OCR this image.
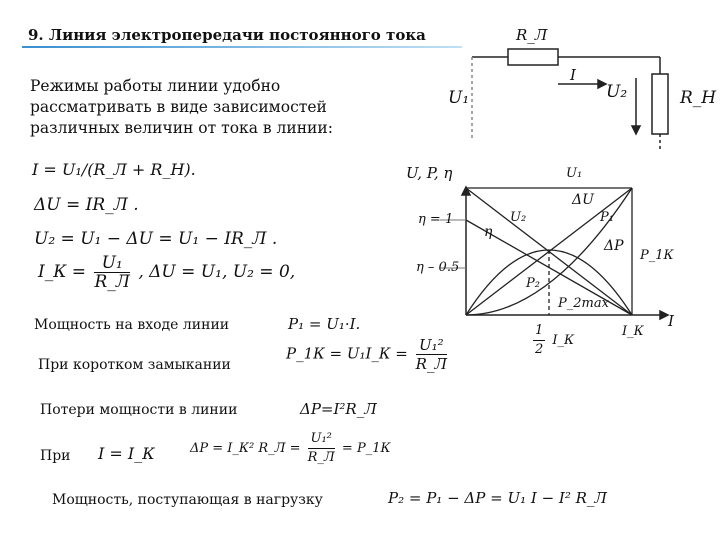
9. Линия электропередачи постоянного тока
Режимы работы линии удобно рассматривать в виде зависимостей различных величин от тока в линии:
I = U₁/(R_Л + R_Н).
ΔU = IR_Л .
U₂ = U₁ − ΔU = U₁ − IR_Л .
I_К = $\frac{\text{U₁}}{R\_Л}$ , ΔU = U₁, U₂ = 0,
Мощность на входе линии	P₁ = U₁·I.
При коротком замыкании
P_1К = U₁I_К = $\frac{\text{U₁²}}{R\_Л}$
Потери мощности в линии	ΔP=I²R_Л
При I = I_К	ΔP = I_К² R_Л = $\frac{\text{U₁²}}{R\_Л}$ = P_1К
Мощность, поступающая в нагрузку	P₂ = P₁ − ΔP = U₁ I − I² R_Л
R_Л
I
U₁	U₂	R_Н
U, P, η
I
U₁
ΔU
P₁
U₂
η
η = 1
η – 0.5
ΔP
P_1К
P₂
P_2max
$\frac{1}{2}$ I_К
I_К
